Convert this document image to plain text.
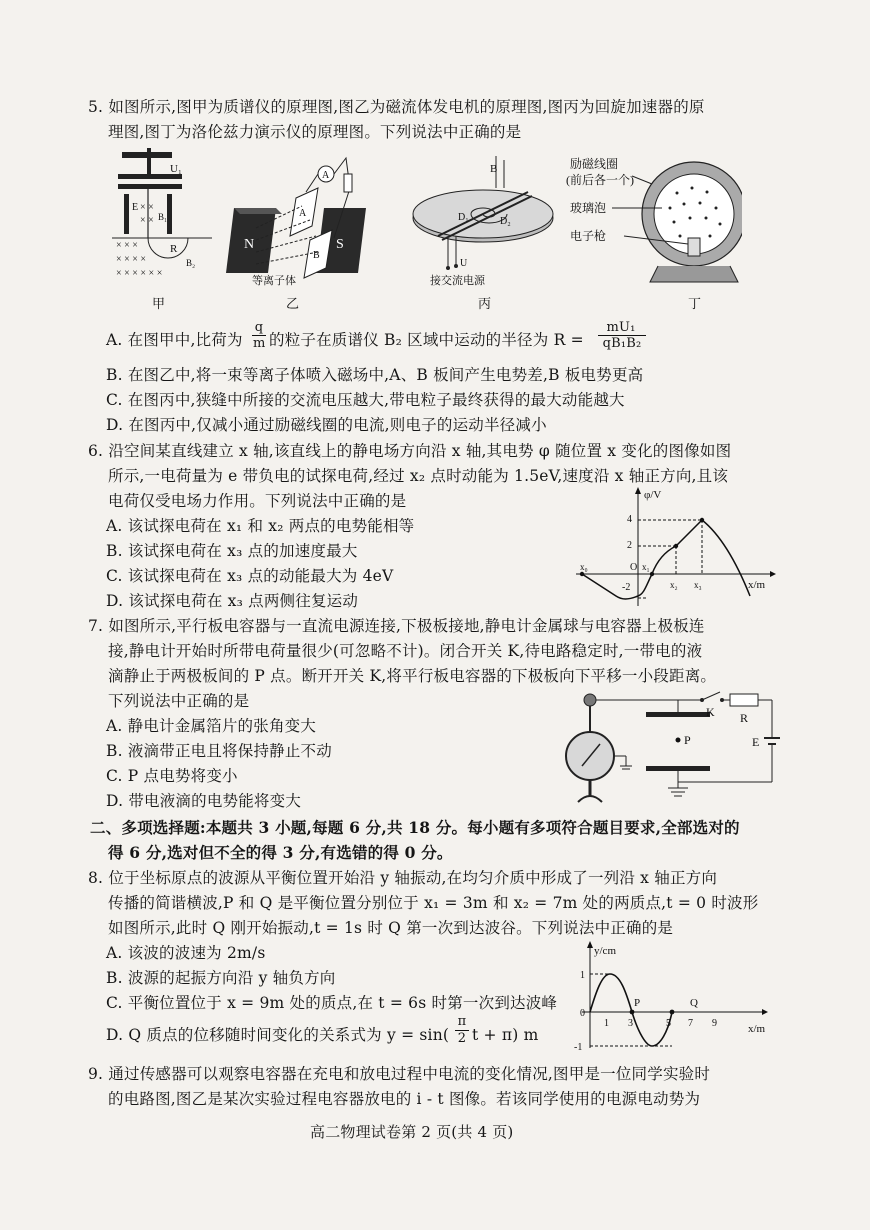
5. 如图所示,图甲为质谱仪的原理图,图乙为磁流体发电机的原理图,图丙为回旋加速器的原
理图,图丁为洛伦兹力演示仪的原理图。下列说法中正确的是
U₁
E × ×
× × B₁
R
B₂
× × ×
× × × ×
× × × × × ×
甲
N	S
A
B
A
等离子体
乙
D₁	D₂
B
U
接交流电源
丙
励磁线圈
(前后各一个)
玻璃泡
电子枪
丁
A. 在图甲中,比荷为
q
m 的粒子在质谱仪 B₂ 区域中运动的半径为 R =
mU₁
qB₁B₂
B. 在图乙中,将一束等离子体喷入磁场中,A、B 板间产生电势差,B 板电势更高
C. 在图丙中,狭缝中所接的交流电压越大,带电粒子最终获得的最大动能越大
D. 在图丙中,仅减小通过励磁线圈的电流,则电子的运动半径减小
6. 沿空间某直线建立 x 轴,该直线上的静电场方向沿 x 轴,其电势 φ 随位置 x 变化的图像如图
所示,一电荷量为 e 带负电的试探电荷,经过 x₂ 点时动能为 1.5eV,速度沿 x 轴正方向,且该
电荷仅受电场力作用。下列说法中正确的是
A. 该试探电荷在 x₁ 和 x₂ 两点的电势能相等
B. 该试探电荷在 x₃ 点的加速度最大
C. 该试探电荷在 x₃ 点的动能最大为 4eV
D. 该试探电荷在 x₃ 点两侧往复运动
φ/V
x/m
4
2
-2
O
x₀	x₁
x₂ x₃
7. 如图所示,平行板电容器与一直流电源连接,下极板接地,静电计金属球与电容器上极板连
接,静电计开始时所带电荷量很少(可忽略不计)。闭合开关 K,待电路稳定时,一带电的液
滴静止于两极板间的 P 点。断开开关 K,将平行板电容器的下极板向下平移一小段距离。
下列说法中正确的是
A. 静电计金属箔片的张角变大
B. 液滴带正电且将保持静止不动
C. P 点电势将变小
D. 带电液滴的电势能将变大
P
K R
E
二、多项选择题:本题共 3 小题,每题 6 分,共 18 分。每小题有多项符合题目要求,全部选对的
得 6 分,选对但不全的得 3 分,有选错的得 0 分。
8. 位于坐标原点的波源从平衡位置开始沿 y 轴振动,在均匀介质中形成了一列沿 x 轴正方向
传播的简谐横波,P 和 Q 是平衡位置分别位于 x₁ = 3m 和 x₂ = 7m 处的两质点,t = 0 时波形
如图所示,此时 Q 刚开始振动,t = 1s 时 Q 第一次到达波谷。下列说法中正确的是
A. 该波的波速为 2m/s
B. 波源的起振方向沿 y 轴负方向
C. 平衡位置位于 x = 9m 处的质点,在 t = 6s 时第一次到达波峰
D. Q 质点的位移随时间变化的关系式为 y = sin(
π
2 t + π) m
y/cm
x/m
1
-1
0
1 3	5 7 9
P	Q
9. 通过传感器可以观察电容器在充电和放电过程中电流的变化情况,图甲是一位同学实验时
的电路图,图乙是某次实验过程电容器放电的 i - t 图像。若该同学使用的电源电动势为
高二物理试卷第 2 页(共 4 页)
